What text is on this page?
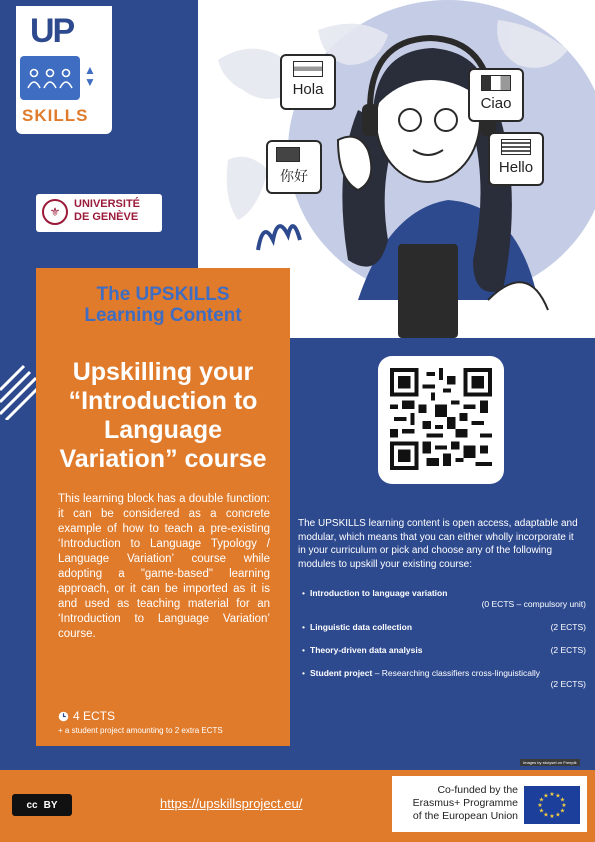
Hola
Ciao
你好	Hello
UP
▲
▼
SKILLS
⚜
UNIVERSITÉ
DE GENÈVE
The UPSKILLS
Learning Content
Upskilling your
“Introduction to
Language
Variation” course
This learning block has a double function: it can be considered as a concrete example of how to teach a pre-existing ‘Introduction to Language Typology / Language Variation’ course while adopting a "game-based" learning approach, or it can be imported as it is and used as teaching material for an ‘Introduction to Language Variation’ course.
4 ECTS
+ a student project amounting to 2 extra ECTS
The UPSKILLS learning content is open access, adaptable and modular, which means that you can either wholly incorporate it in your curriculum or pick and choose any of the following modules to upskill your existing course:
• Introduction to language variation
(0 ECTS – compulsory unit)
• (2 ECTS)
Linguistic data collection
• (2 ECTS)
Theory-driven data analysis
• Student project – Researching classifiers cross-linguistically
(2 ECTS)
Images by storyset on Freepik
cc BY	https://upskillsproject.eu/
Co-funded by the
Erasmus+ Programme
of the European Union
★ ★
★
★
★
★
★
★
★
★
★
★
